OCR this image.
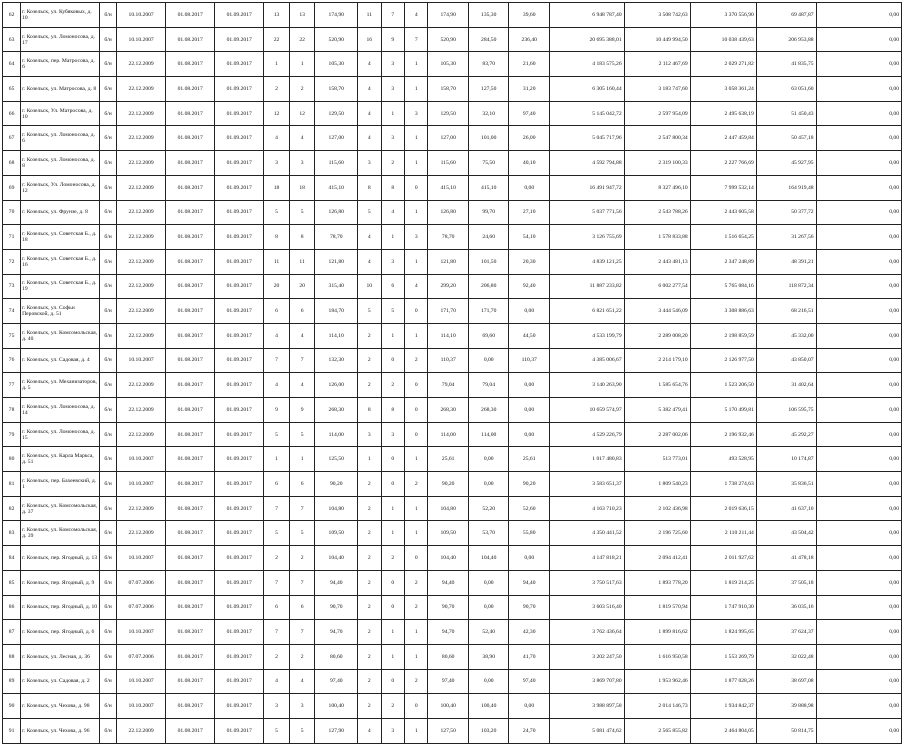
62	г. Козельск, ул. Кубяковых, д. 10	б/н	10.10.2007	01.08.2017	01.09.2017	13	13	174,90	11	7	4	174,90	135,30	39,60	6 948 787,40	3 508 742,63	3 370 556,90	69 487,87	0,00
63	г. Козельск, ул. Ломоносова, д. 17	б/н	10.10.2007	01.08.2017	01.09.2017	22	22	520,90	16	9	7	520,90	284,50	236,40	20 695 388,01	10 449 994,50	10 038 439,63	206 953,88	0,00
64	г. Козельск, пер. Матросова, д. 6	б/н	22.12.2009	01.08.2017	01.09.2017	1	1	105,30	4	3	1	105,30	83,70	21,60	4 183 575,26	2 112 467,69	2 029 271,82	41 835,75	0,00
65	г. Козельск, ул. Матросова, д. 8	б/н	22.12.2009	01.08.2017	01.09.2017	2	2	158,70	4	3	1	158,70	127,50	31,20	6 305 160,44	3 183 747,60	3 058 361,24	63 051,60	0,00
66	г. Козельск, Ул. Матросова, д. 10	б/н	22.12.2009	01.08.2017	01.09.2017	12	12	129,50	4	1	3	129,50	32,10	97,40	5 145 042,72	2 597 954,09	2 495 638,19	51 450,43	0,00
67	г. Козельск, ул. Ломоносова, д. 6	б/н	22.12.2009	01.08.2017	01.09.2017	4	4	127,00	4	3	1	127,00	101,00	26,00	5 045 717,96	2 547 800,34	2 447 459,84	50 457,18	0,00
68	г. Козельск, ул. Ломоносова, д. 8	б/н	22.12.2009	01.08.2017	01.09.2017	3	3	115,60	3	2	1	115,60	75,50	40,10	4 592 794,88	2 319 100,33	2 227 766,69	45 927,95	0,00
69	г. Козельск, Ул. Ломоносова, д. 12	б/н	22.12.2009	01.08.2017	01.09.2017	18	18	415,10	8	8	0	415,10	415,10	0,00	16 491 947,72	8 327 496,10	7 999 532,14	164 919,48	0,00
70	г. Козельск, ул. Фрунзе, д. 8	б/н	22.12.2009	01.08.2017	01.09.2017	5	5	126,80	5	4	1	126,80	99,70	27,10	5 037 771,56	2 543 788,26	2 443 605,58	50 377,72	0,00
71	г. Козельск, ул. Советская Б., д. 18	б/н	22.12.2009	01.08.2017	01.09.2017	8	8	78,70	4	1	3	78,70	24,60	54,10	3 126 755,69	1 578 833,88	1 516 654,25	31 267,56	0,00
72	г. Козельск, ул. Советская Б., д. 16	б/н	22.12.2009	01.08.2017	01.09.2017	11	11	121,80	4	3	1	121,80	101,50	20,30	4 839 121,25	2 443 481,13	2 347 248,89	48 391,21	0,00
73	г. Козельск, ул. Советская Б., д. 19	б/н	22.12.2009	01.08.2017	01.09.2017	20	20	315,40	10	6	4	299,20	206,80	92,40	11 887 233,82	6 002 277,54	5 765 084,16	118 872,34	0,00
74	г. Козельск, ул. Софьи Перовской, д. 51	б/н	22.12.2009	01.08.2017	01.09.2017	6	6	184,70	5	5	0	171,70	171,70	0,00	6 821 651,22	3 444 546,09	3 308 886,63	68 216,51	0,00
75	г. Козельск, ул. Комсомольская, д. 40	б/н	22.12.2009	01.08.2017	01.09.2017	4	4	114,10	2	1	1	114,10	69,60	44,50	4 533 199,79	2 289 008,20	2 198 859,59	45 332,00	0,00
76	г. Козельск, ул. Садовая, д. 4	б/н	10.10.2007	01.08.2017	01.09.2017	7	7	132,30	2	0	2	110,37	0,00	110,37	4 385 006,67	2 214 179,10	2 126 977,50	43 850,07	0,00
77	г. Козельск, ул. Механизаторов, д. 5	б/н	22.12.2009	01.08.2017	01.09.2017	4	4	126,00	2	2	0	79,04	79,04	0,00	3 140 263,90	1 585 654,76	1 523 206,50	31 402,64	0,00
78	г. Козельск, ул. Ломоносова, д. 14	б/н	22.12.2009	01.08.2017	01.09.2017	9	9	268,30	8	8	0	268,30	268,30	0,00	10 659 574,97	5 382 479,41	5 170 499,81	106 595,75	0,00
79	г. Козельск, ул. Ломоносова, д. 15	б/н	22.12.2009	01.08.2017	01.09.2017	5	5	114,00	3	3	0	114,00	114,00	0,00	4 529 226,79	2 287 002,06	2 196 932,46	45 292,27	0,00
80	г. Козельск, ул. Карла Маркса, д. 51	б/н	10.10.2007	01.08.2017	01.09.2017	1	1	125,50	1	0	1	25,61	0,00	25,61	1 017 480,83	513 773,01	493 528,95	10 174,87	0,00
81	г. Козельск, пер. Бахеевский, д. 1	б/н	10.10.2007	01.08.2017	01.09.2017	6	6	90,20	2	0	2	90,20	0,00	90,20	3 583 651,37	1 809 540,23	1 738 274,63	35 836,51	0,00
82	г. Козельск, ул. Комсомольская, д. 37	б/н	22.12.2009	01.08.2017	01.09.2017	7	7	104,80	2	1	1	104,80	52,20	52,60	4 163 710,23	2 102 436,98	2 019 636,15	41 637,10	0,00
83	г. Козельск, ул. Комсомольская, д. 39	б/н	22.12.2009	01.08.2017	01.09.2017	5	5	109,50	2	1	1	109,50	53,70	55,80	4 350 441,52	2 196 725,60	2 110 211,44	43 504,42	0,00
84	г. Козельск, пер. Ягодный, д. 13	б/н	10.10.2007	01.08.2017	01.09.2017	2	2	104,40	2	2	0	104,40	104,40	0,00	4 147 818,21	2 094 412,41	2 011 927,62	41 478,18	0,00
85	г. Козельск, пер. Ягодный, д. 9	б/н	07.07.2006	01.08.2017	01.09.2017	7	7	94,40	2	0	2	94,40	0,00	94,40	3 750 517,63	1 893 778,20	1 819 214,25	37 505,18	0,00
86	г. Козельск, пер. Ягодный, д. 10	б/н	07.07.2006	01.08.2017	01.09.2017	6	6	90,70	2	0	2	90,70	0,00	90,70	3 603 516,40	1 819 570,94	1 747 910,30	36 035,16	0,00
87	г. Козельск, пер. Ягодный, д. 6	б/н	10.10.2007	01.08.2017	01.09.2017	7	7	94,70	2	1	1	94,70	52,40	42,30	3 762 436,64	1 899 816,62	1 824 995,65	37 624,37	0,00
88	г. Козельск, ул. Лесная, д. 36	б/н	07.07.2006	01.08.2017	01.09.2017	2	2	80,60	2	1	1	80,60	38,90	41,70	3 202 247,50	1 616 950,58	1 553 269,79	32 022,48	0,00
89	г. Козельск, ул. Садовая, д. 2	б/н	10.10.2007	01.08.2017	01.09.2017	4	4	97,40	2	0	2	97,40	0,00	97,40	3 869 707,80	1 953 962,46	1 877 028,26	38 697,08	0,00
90	г. Козельск, ул. Чехова, д. 98	б/н	10.10.2007	01.08.2017	01.09.2017	3	3	100,40	2	2	0	100,40	100,40	0,00	3 988 897,58	2 014 146,73	1 934 842,37	39 888,98	0,00
91	г. Козельск, ул. Чехова, д. 96	б/н	22.12.2009	01.08.2017	01.09.2017	5	5	127,90	4	3	1	127,50	103,20	24,70	5 081 474,62	2 565 855,82	2 464 804,05	50 814,75	0,00
